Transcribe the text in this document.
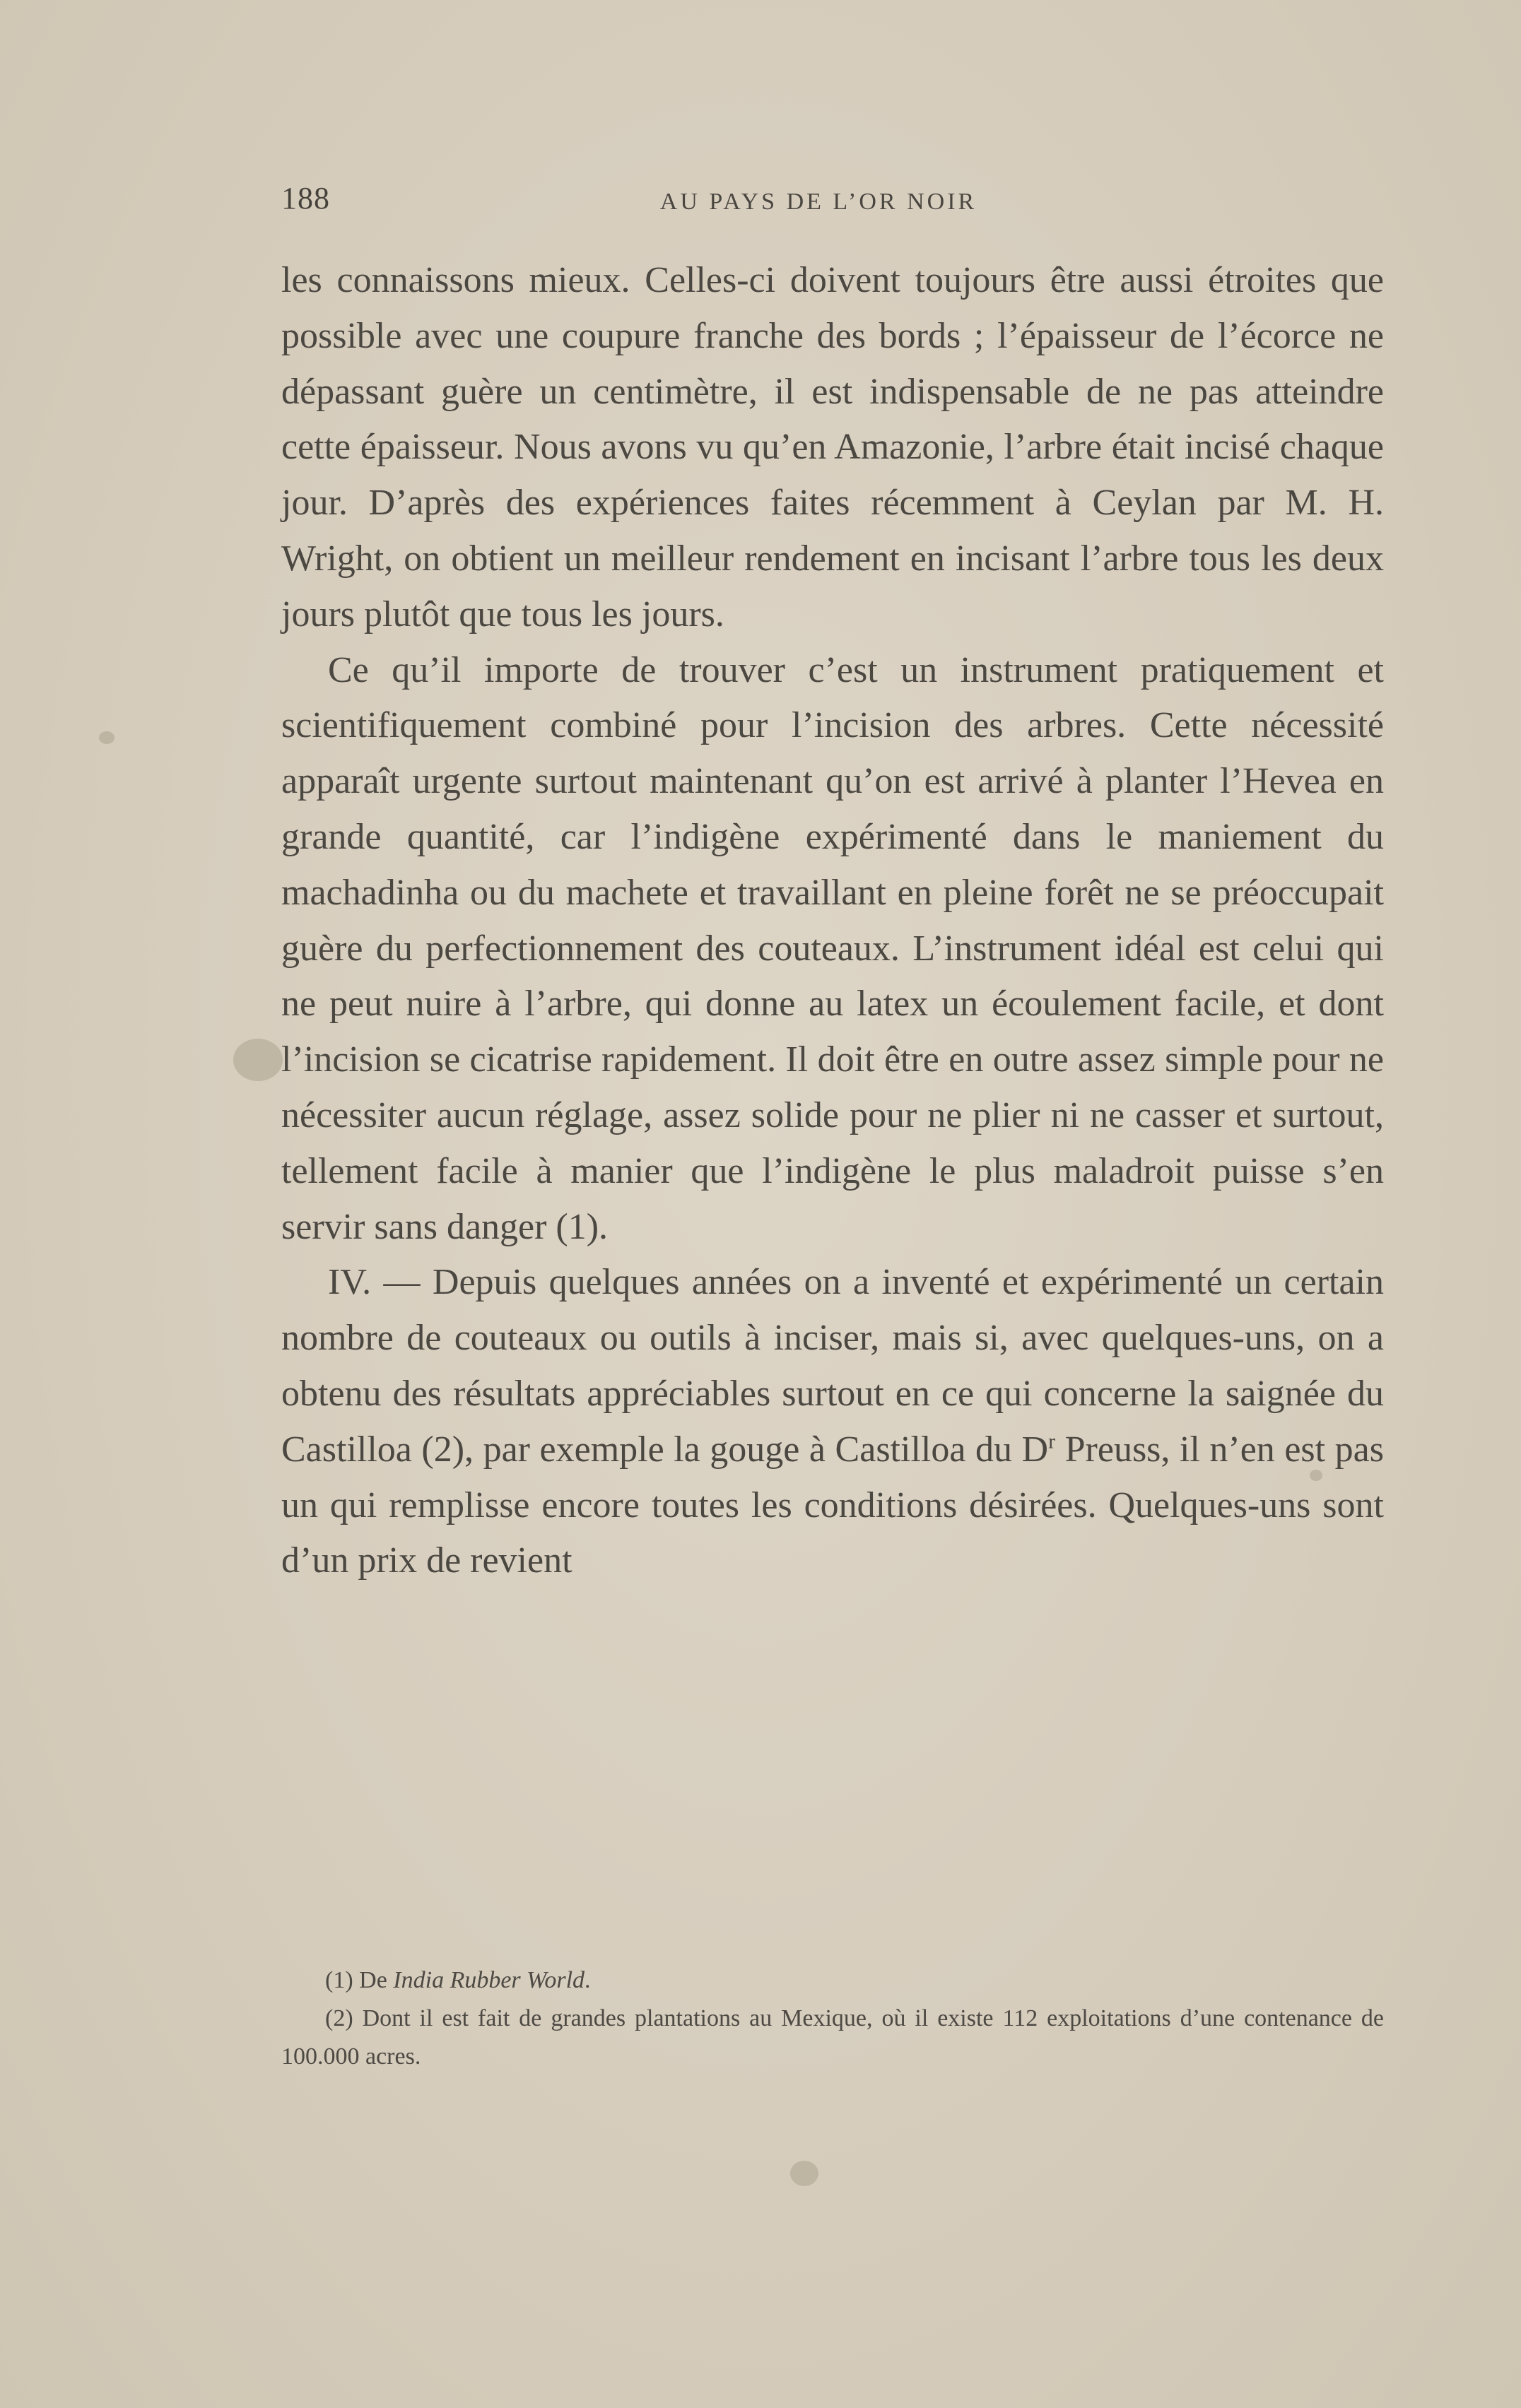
188	AU PAYS DE L’OR NOIR

les connaissons mieux. Celles-ci doivent toujours être aussi étroites que possible avec une coupure franche des bords ; l’épaisseur de l’écorce ne dépassant guère un centimètre, il est indispensable de ne pas atteindre cette épaisseur. Nous avons vu qu’en Amazonie, l’arbre était incisé chaque jour. D’après des expériences faites récemment à Ceylan par M. H. Wright, on obtient un meilleur rendement en incisant l’arbre tous les deux jours plutôt que tous les jours.

Ce qu’il importe de trouver c’est un instrument pratiquement et scientifiquement combiné pour l’incision des arbres. Cette nécessité apparaît urgente surtout maintenant qu’on est arrivé à planter l’Hevea en grande quantité, car l’indigène expérimenté dans le maniement du machadinha ou du machete et travaillant en pleine forêt ne se préoccupait guère du perfectionnement des couteaux. L’instrument idéal est celui qui ne peut nuire à l’arbre, qui donne au latex un écoulement facile, et dont l’incision se cicatrise rapidement. Il doit être en outre assez simple pour ne nécessiter aucun réglage, assez solide pour ne plier ni ne casser et surtout, tellement facile à manier que l’indigène le plus maladroit puisse s’en servir sans danger (1).

IV. — Depuis quelques années on a inventé et expérimenté un certain nombre de couteaux ou outils à inciser, mais si, avec quelques-uns, on a obtenu des résultats appréciables surtout en ce qui concerne la saignée du Castilloa (2), par exemple la gouge à Castilloa du $D^r$ Preuss, il n’en est pas un qui remplisse encore toutes les conditions désirées. Quelques-uns sont d’un prix de revient

(1) De India Rubber World.

(2) Dont il est fait de grandes plantations au Mexique, où il existe 112 exploitations d’une contenance de 100.000 acres.
